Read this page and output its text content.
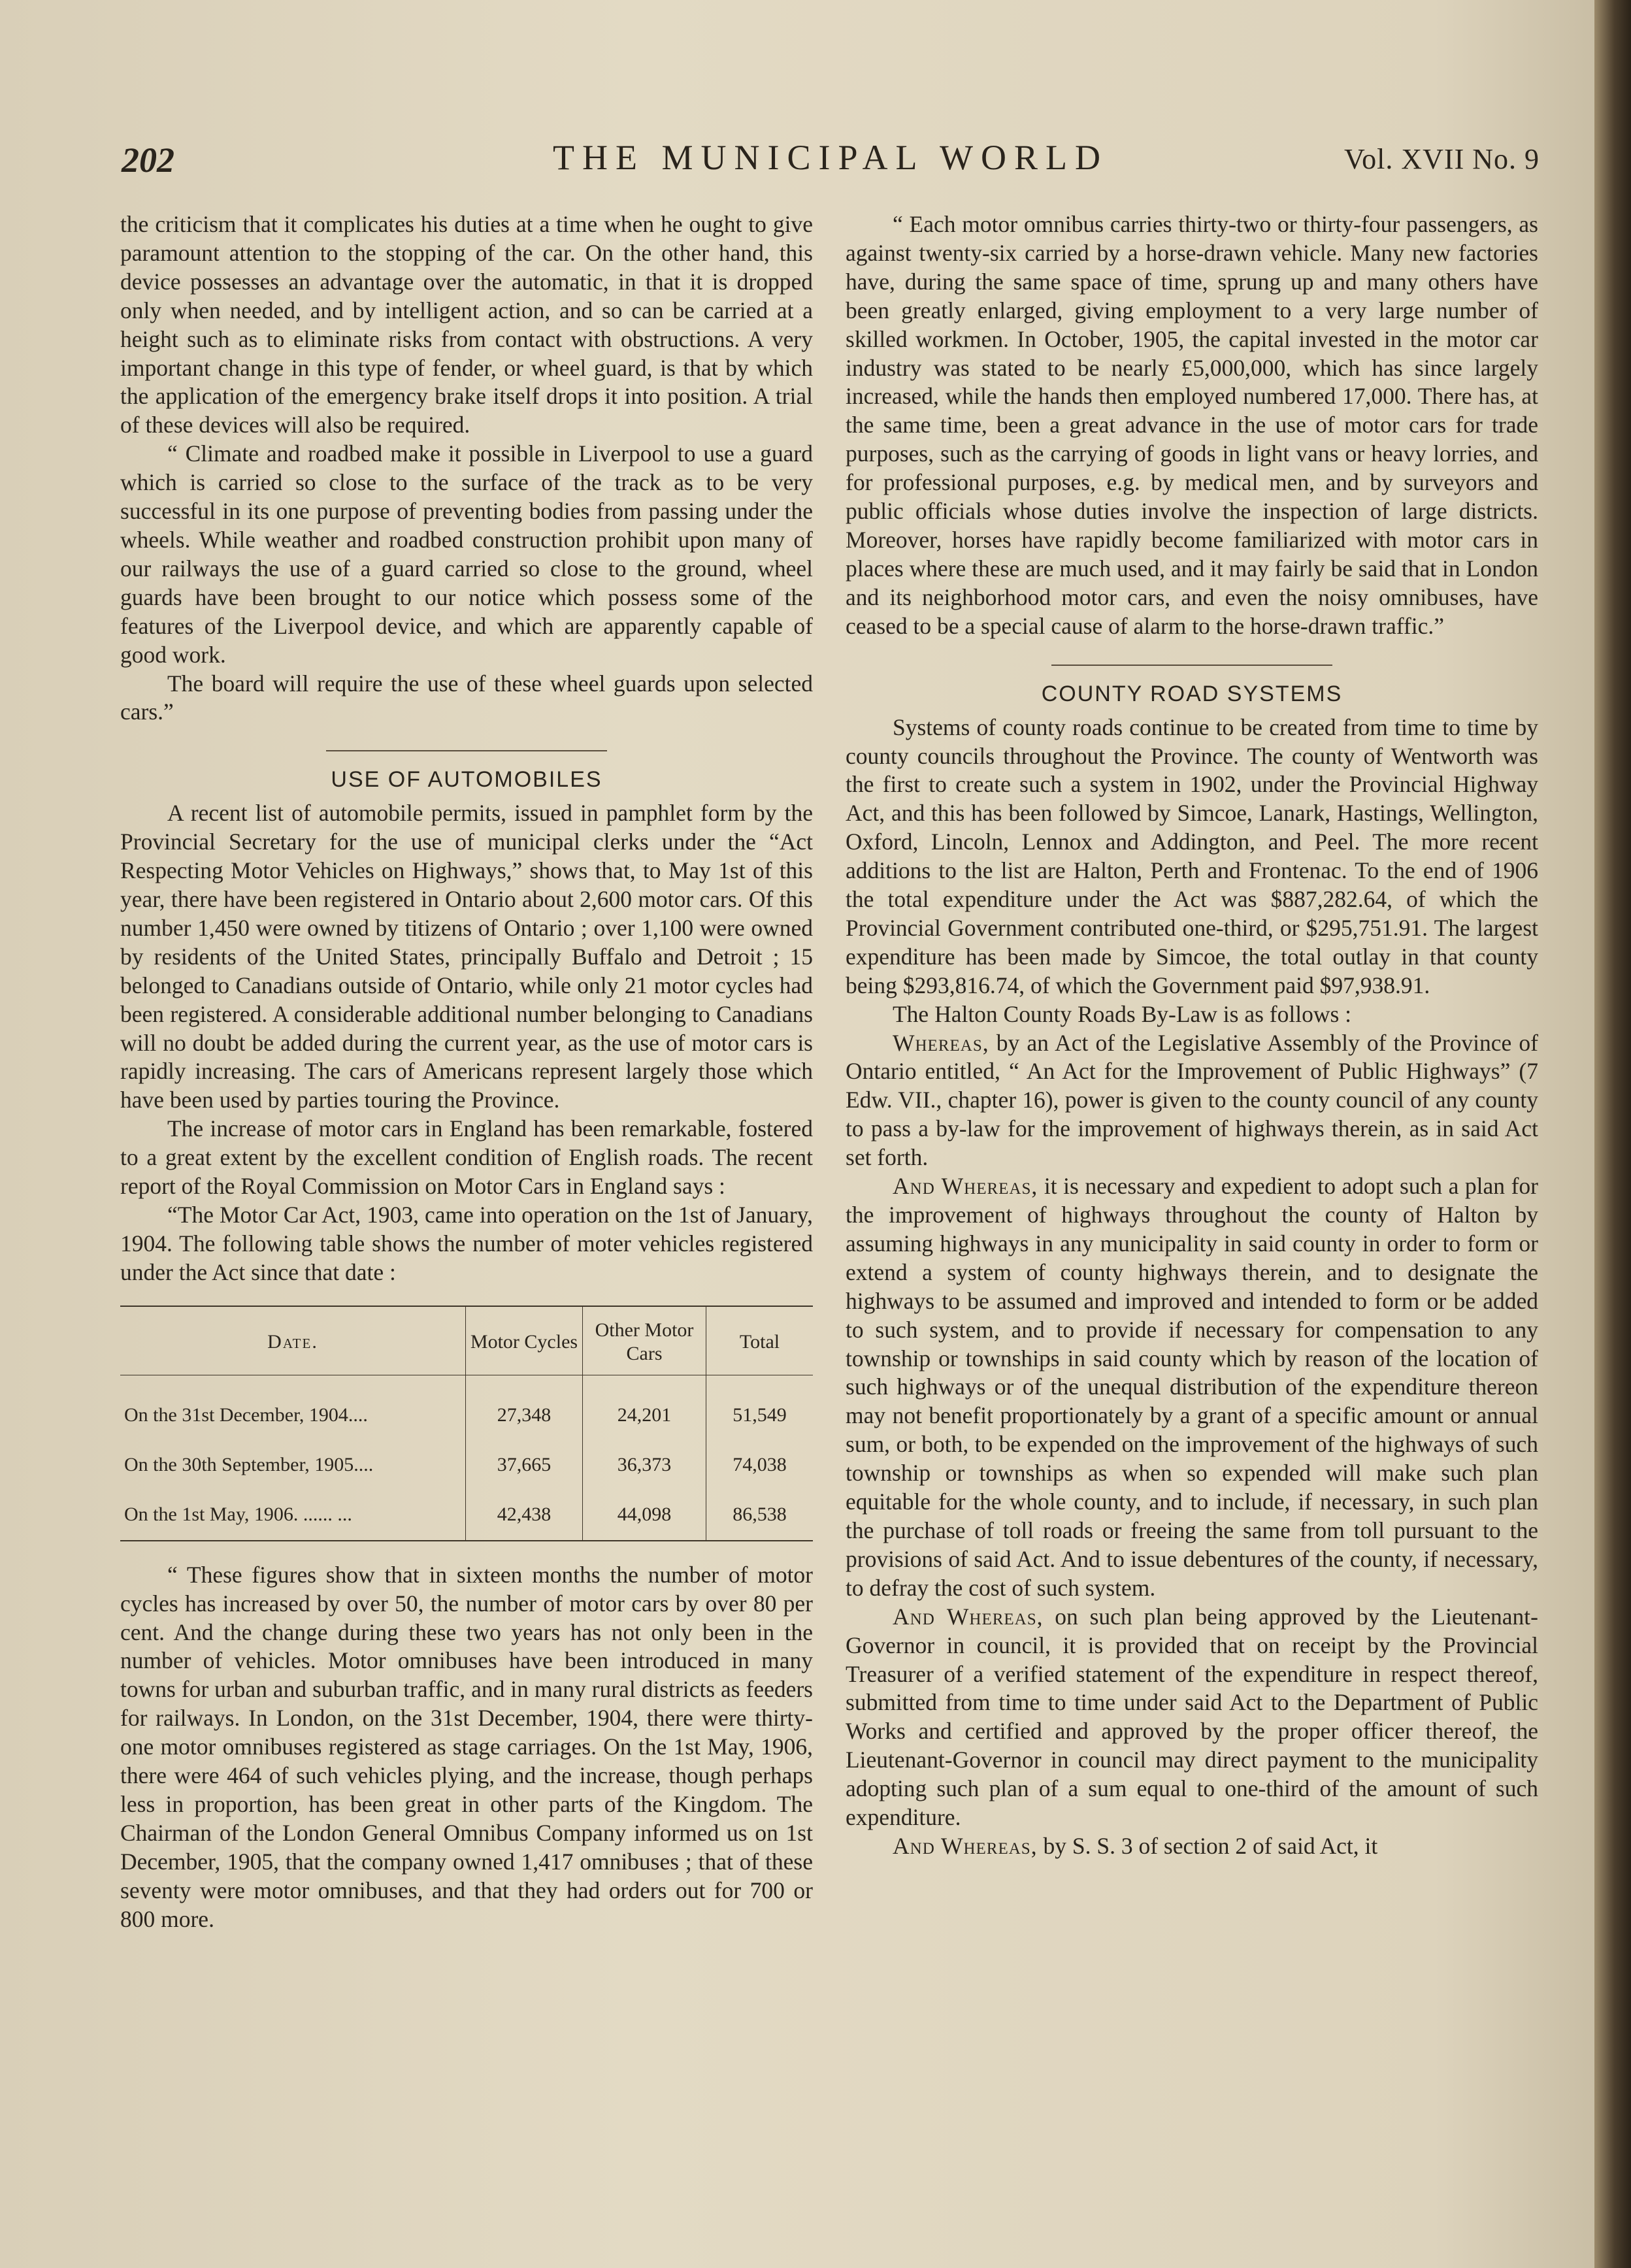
202	THE MUNICIPAL WORLD	Vol. XVII No. 9

the criticism that it complicates his duties at a time when he ought to give paramount attention to the stopping of the car. On the other hand, this device possesses an advantage over the automatic, in that it is dropped only when needed, and by intelligent action, and so can be carried at a height such as to eliminate risks from contact with obstructions. A very important change in this type of fender, or wheel guard, is that by which the application of the emergency brake itself drops it into position. A trial of these devices will also be required.

“ Climate and roadbed make it possible in Liverpool to use a guard which is carried so close to the surface of the track as to be very successful in its one purpose of preventing bodies from passing under the wheels. While weather and roadbed construction prohibit upon many of our railways the use of a guard carried so close to the ground, wheel guards have been brought to our notice which possess some of the features of the Liverpool device, and which are apparently capable of good work.

The board will require the use of these wheel guards upon selected cars.”

USE OF AUTOMOBILES

A recent list of automobile permits, issued in pamphlet form by the Provincial Secretary for the use of municipal clerks under the “Act Respecting Motor Vehicles on Highways,” shows that, to May 1st of this year, there have been registered in Ontario about 2,600 motor cars. Of this number 1,450 were owned by titizens of Ontario ; over 1,100 were owned by residents of the United States, principally Buffalo and Detroit ; 15 belonged to Canadians outside of Ontario, while only 21 motor cycles had been registered. A considerable additional number belonging to Canadians will no doubt be added during the current year, as the use of motor cars is rapidly increasing. The cars of Americans represent largely those which have been used by parties touring the Province.

The increase of motor cars in England has been remarkable, fostered to a great extent by the excellent condition of English roads. The recent report of the Royal Commission on Motor Cars in England says :

“The Motor Car Act, 1903, came into operation on the 1st of January, 1904. The following table shows the number of moter vehicles registered under the Act since that date :

Date.	Motor Cycles	Other Motor Cars	Total
On the 31st December, 1904....	27,348	24,201	51,549
On the 30th September, 1905....	37,665	36,373	74,038
On the 1st May, 1906. ...... ...	42,438	44,098	86,538

“ These figures show that in sixteen months the number of motor cycles has increased by over 50, the number of motor cars by over 80 per cent. And the change during these two years has not only been in the number of vehicles. Motor omnibuses have been introduced in many towns for urban and suburban traffic, and in many rural districts as feeders for railways. In London, on the 31st December, 1904, there were thirty-one motor omnibuses registered as stage carriages. On the 1st May, 1906, there were 464 of such vehicles plying, and the increase, though perhaps less in proportion, has been great in other parts of the Kingdom. The Chairman of the London General Omnibus Company informed us on 1st December, 1905, that the company owned 1,417 omnibuses ; that of these seventy were motor omnibuses, and that they had orders out for 700 or 800 more.

“ Each motor omnibus carries thirty-two or thirty-four passengers, as against twenty-six carried by a horse-drawn vehicle. Many new factories have, during the same space of time, sprung up and many others have been greatly enlarged, giving employment to a very large number of skilled workmen. In October, 1905, the capital invested in the motor car industry was stated to be nearly £5,000,000, which has since largely increased, while the hands then employed numbered 17,000. There has, at the same time, been a great advance in the use of motor cars for trade purposes, such as the carrying of goods in light vans or heavy lorries, and for professional purposes, e.g. by medical men, and by surveyors and public officials whose duties involve the inspection of large districts. Moreover, horses have rapidly become familiarized with motor cars in places where these are much used, and it may fairly be said that in London and its neighborhood motor cars, and even the noisy omnibuses, have ceased to be a special cause of alarm to the horse-drawn traffic.”

COUNTY ROAD SYSTEMS

Systems of county roads continue to be created from time to time by county councils throughout the Province. The county of Wentworth was the first to create such a system in 1902, under the Provincial Highway Act, and this has been followed by Simcoe, Lanark, Hastings, Wellington, Oxford, Lincoln, Lennox and Addington, and Peel. The more recent additions to the list are Halton, Perth and Frontenac. To the end of 1906 the total expenditure under the Act was $887,282.64, of which the Provincial Government contributed one-third, or $295,751.91. The largest expenditure has been made by Simcoe, the total outlay in that county being $293,816.74, of which the Government paid $97,938.91.

The Halton County Roads By-Law is as follows :

Whereas, by an Act of the Legislative Assembly of the Province of Ontario entitled, “ An Act for the Improvement of Public Highways” (7 Edw. VII., chapter 16), power is given to the county council of any county to pass a by-law for the improvement of highways therein, as in said Act set forth.

And Whereas, it is necessary and expedient to adopt such a plan for the improvement of highways throughout the county of Halton by assuming highways in any municipality in said county in order to form or extend a system of county highways therein, and to designate the highways to be assumed and improved and intended to form or be added to such system, and to provide if necessary for compensation to any township or townships in said county which by reason of the location of such highways or of the unequal distribution of the expenditure thereon may not benefit proportionately by a grant of a specific amount or annual sum, or both, to be expended on the improvement of the highways of such township or townships as when so expended will make such plan equitable for the whole county, and to include, if necessary, in such plan the purchase of toll roads or freeing the same from toll pursuant to the provisions of said Act. And to issue debentures of the county, if necessary, to defray the cost of such system.

And Whereas, on such plan being approved by the Lieutenant-Governor in council, it is provided that on receipt by the Provincial Treasurer of a verified statement of the expenditure in respect thereof, submitted from time to time under said Act to the Department of Public Works and certified and approved by the proper officer thereof, the Lieutenant-Governor in council may direct payment to the municipality adopting such plan of a sum equal to one-third of the amount of such expenditure.

And Whereas, by S. S. 3 of section 2 of said Act, it
